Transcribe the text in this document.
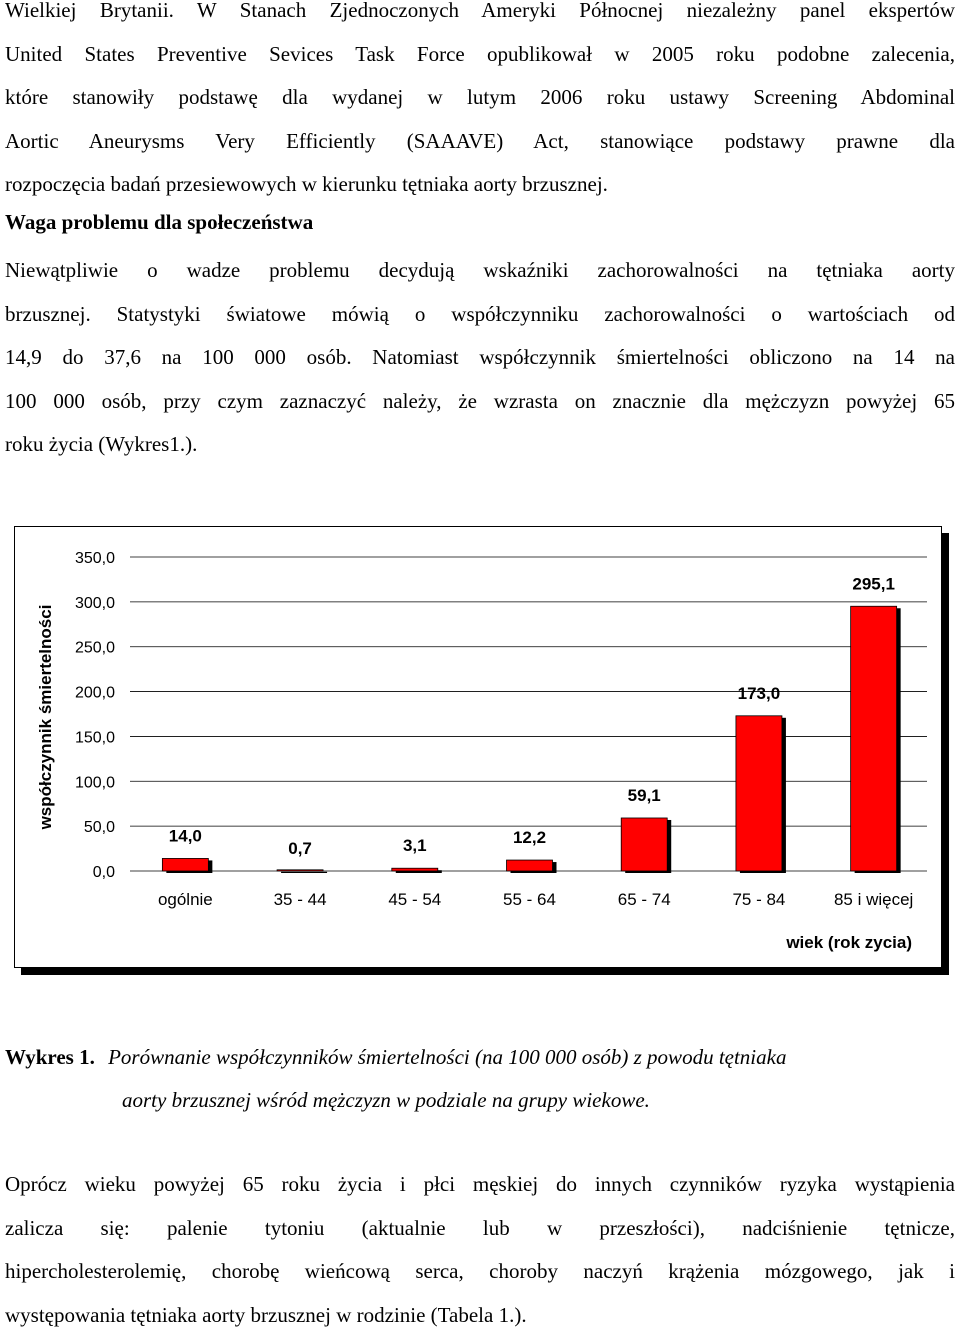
Wielkiej Brytanii. W Stanach Zjednoczonych Ameryki Północnej niezależny panel ekspertów
United States Preventive Sevices Task Force opublikował w 2005 roku podobne zalecenia,
które stanowiły podstawę dla wydanej w lutym 2006 roku ustawy Screening Abdominal
Aortic Aneurysms Very Efficiently (SAAAVE) Act, stanowiące podstawy prawne dla
rozpoczęcia badań przesiewowych w kierunku tętniaka aorty brzusznej.
Waga problemu dla społeczeństwa
Niewątpliwie o wadze problemu decydują wskaźniki zachorowalności na tętniaka aorty
brzusznej. Statystyki światowe mówią o współczynniku zachorowalności o wartościach od
14,9 do 37,6 na 100 000 osób. Natomiast współczynnik śmiertelności obliczono na 14 na
100 000 osób, przy czym zaznaczyć należy, że wzrasta on znacznie dla mężczyzn powyżej 65
roku życia (Wykres1.).
0,0
50,0
100,0
150,0
200,0
250,0
300,0
350,0
14,0
ogólnie
0,7
35 - 44
3,1
45 - 54
12,2
55 - 64
59,1
65 - 74
173,0
75 - 84
295,1
85 i więcej
współczynnik śmiertelności
wiek (rok zycia)
Wykres 1. Porównanie współczynników śmiertelności (na 100 000 osób) z powodu tętniaka
aorty brzusznej wśród mężczyzn w podziale na grupy wiekowe.
Oprócz wieku powyżej 65 roku życia i płci męskiej do innych czynników ryzyka wystąpienia
zalicza się: palenie tytoniu (aktualnie lub w przeszłości), nadciśnienie tętnicze,
hipercholesterolemię, chorobę wieńcową serca, choroby naczyń krążenia mózgowego, jak i
występowania tętniaka aorty brzusznej w rodzinie (Tabela 1.).
